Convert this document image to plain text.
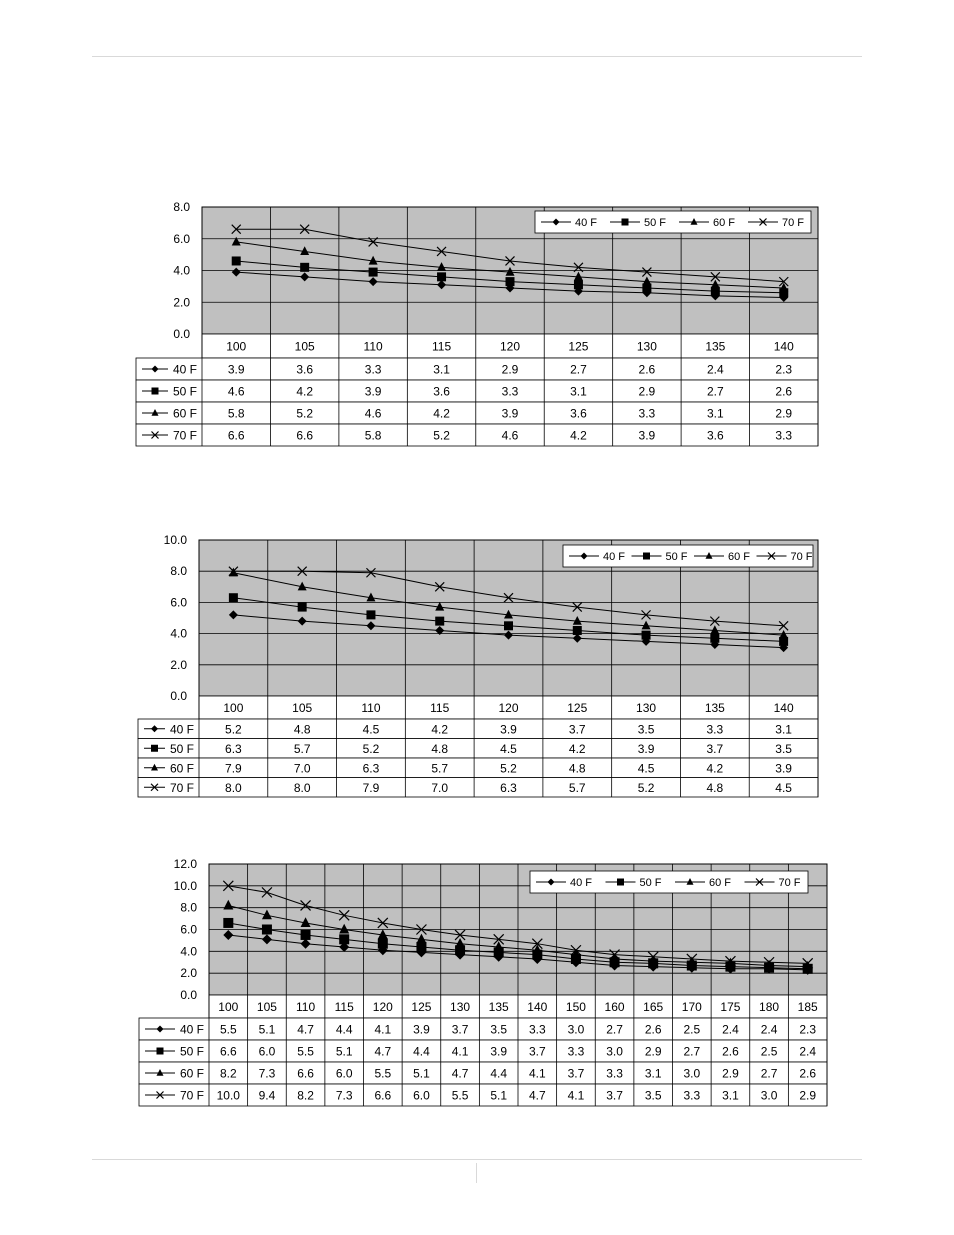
0.0
2.0
4.0
6.0
8.0
100	105	110	115	120	125	130	135	140
40 F	3.9	3.6	3.3	3.1	2.9	2.7	2.6	2.4	2.3
50 F	4.6	4.2	3.9	3.6	3.3	3.1	2.9	2.7	2.6
60 F	5.8	5.2	4.6	4.2	3.9	3.6	3.3	3.1	2.9
70 F	6.6	6.6	5.8	5.2	4.6	4.2	3.9	3.6	3.3
40 F	50 F	60 F	70 F
0.0
2.0
4.0
6.0
8.0
10.0
100	105	110	115	120	125	130	135	140
40 F	5.2	4.8	4.5	4.2	3.9	3.7	3.5	3.3	3.1
50 F	6.3	5.7	5.2	4.8	4.5	4.2	3.9	3.7	3.5
60 F	7.9	7.0	6.3	5.7	5.2	4.8	4.5	4.2	3.9
70 F	8.0	8.0	7.9	7.0	6.3	5.7	5.2	4.8	4.5
40 F	50 F	60 F	70 F
0.0
2.0
4.0
6.0
8.0
10.0
12.0
100 105 110 115 120 125 130 135 140 150 160 165 170 175 180 185
40 F 5.5 5.1 4.7 4.4 4.1 3.9 3.7 3.5 3.3 3.0 2.7 2.6 2.5 2.4 2.4 2.3
50 F 6.6 6.0 5.5 5.1 4.7 4.4 4.1 3.9 3.7 3.3 3.0 2.9 2.7 2.6 2.5 2.4
60 F 8.2 7.3 6.6 6.0 5.5 5.1 4.7 4.4 4.1 3.7 3.3 3.1 3.0 2.9 2.7 2.6
70 F 10.0 9.4 8.2 7.3 6.6 6.0 5.5 5.1 4.7 4.1 3.7 3.5 3.3 3.1 3.0 2.9
40 F	50 F	60 F	70 F
